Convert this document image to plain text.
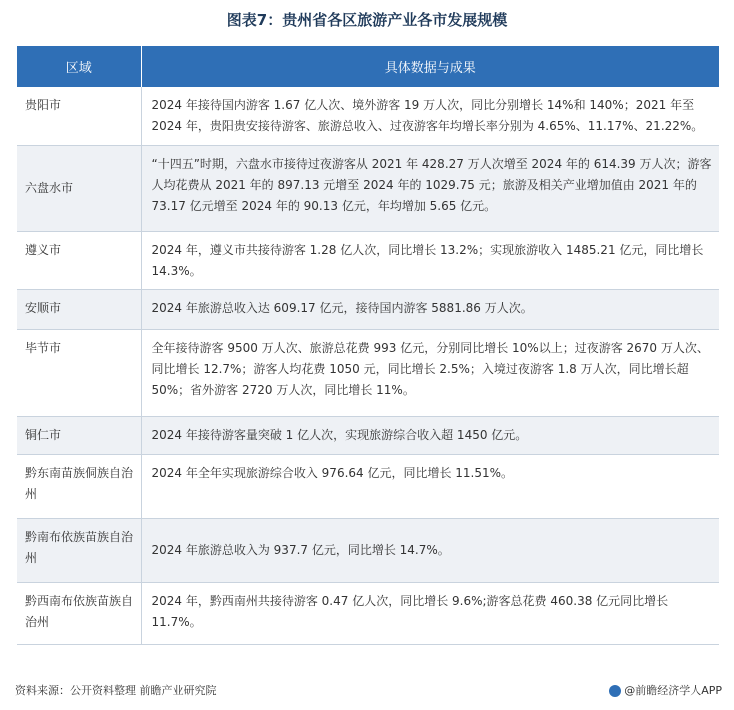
图表7：贵州省各区旅游产业各市发展规模
区域	具体数据与成果
贵阳市	2024 年接待国内游客 1.67 亿人次、境外游客 19 万人次，同比分别增长 14%和 140%；2021 年至 2024 年，贵阳贵安接待游客、旅游总收入、过夜游客年均增长率分别为 4.65%、11.17%、21.22%。
六盘水市	“十四五”时期，六盘水市接待过夜游客从 2021 年 428.27 万人次增至 2024 年的 614.39 万人次；游客人均花费从 2021 年的 897.13 元增至 2024 年的 1029.75 元；旅游及相关产业增加值由 2021 年的 73.17 亿元增至 2024 年的 90.13 亿元，年均增加 5.65 亿元。
遵义市	2024 年，遵义市共接待游客 1.28 亿人次，同比增长 13.2%；实现旅游收入 1485.21 亿元，同比增长 14.3%。
安顺市	2024 年旅游总收入达 609.17 亿元，接待国内游客 5881.86 万人次。
毕节市	全年接待游客 9500 万人次、旅游总花费 993 亿元，分别同比增长 10%以上；过夜游客 2670 万人次、同比增长 12.7%；游客人均花费 1050 元，同比增长 2.5%；入境过夜游客 1.8 万人次，同比增长超 50%；省外游客 2720 万人次，同比增长 11%。
铜仁市	2024 年接待游客量突破 1 亿人次，实现旅游综合收入超 1450 亿元。
黔东南苗族侗族自治州	2024 年全年实现旅游综合收入 976.64 亿元，同比增长 11.51%。
黔南布依族苗族自治州	2024 年旅游总收入为 937.7 亿元，同比增长 14.7%。
黔西南布依族苗族自治州	2024 年，黔西南州共接待游客 0.47 亿人次，同比增长 9.6%;游客总花费 460.38 亿元同比增长 11.7%。
资料来源：公开资料整理 前瞻产业研究院	@前瞻经济学人APP
